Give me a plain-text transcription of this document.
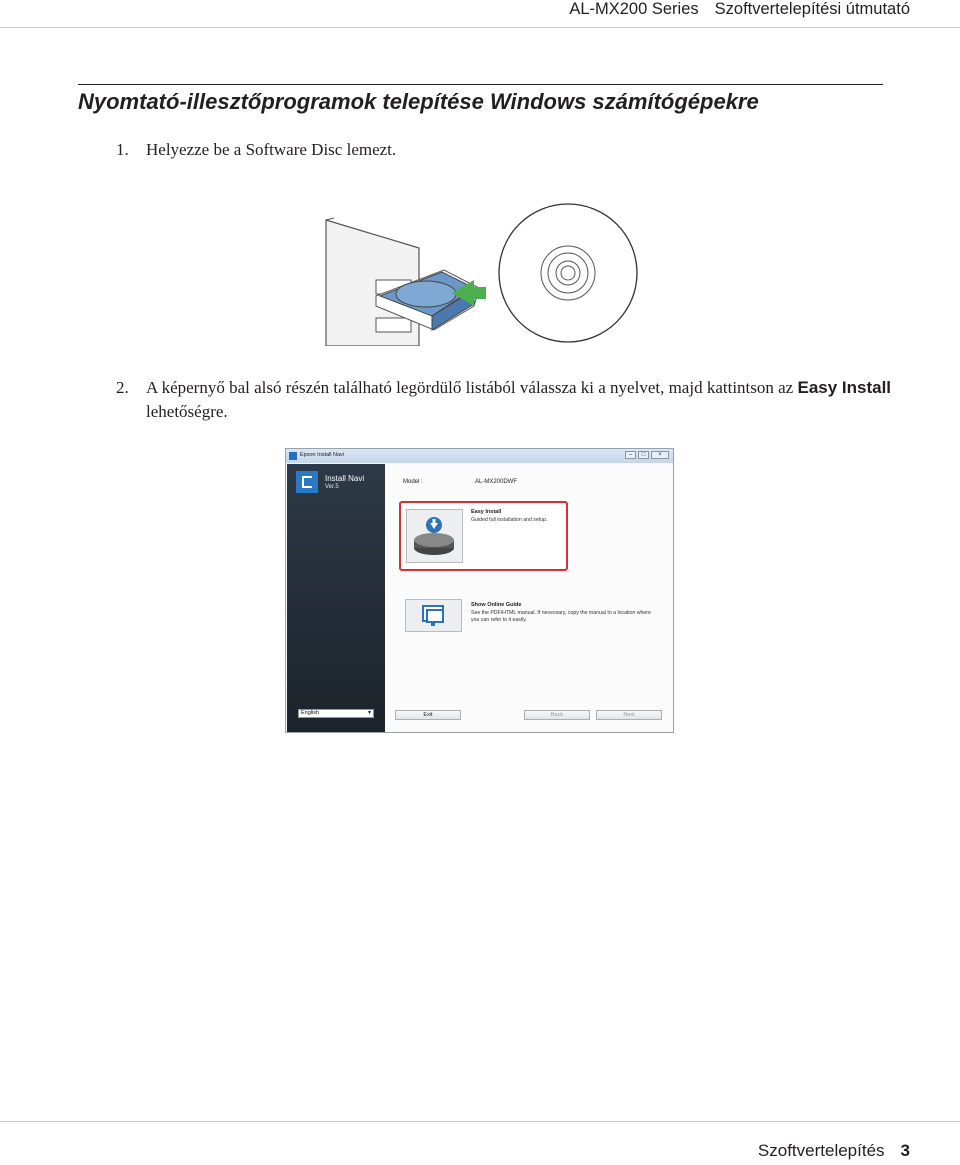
AL-MX200 Series Szoftvertelepítési útmutató
Nyomtató-illesztőprogramok telepítése Windows számítógépekre
1. Helyezze be a Software Disc lemezt.
2. A képernyő bal alsó részén található legördülő listából válassza ki a nyelvet, majd kattintson az Easy Install lehetőségre.
Epson Install Navi	–	□	×
Install Navi
Ver.5
English	▼
Model :	AL-MX200DWF
Easy Install
Guided full installation and setup.
Show Online Guide
See the PDF/HTML manual. If necessary, copy the manual to a location where you can refer to it easily.
Exit	Back	Next
Szoftvertelepítés 3
